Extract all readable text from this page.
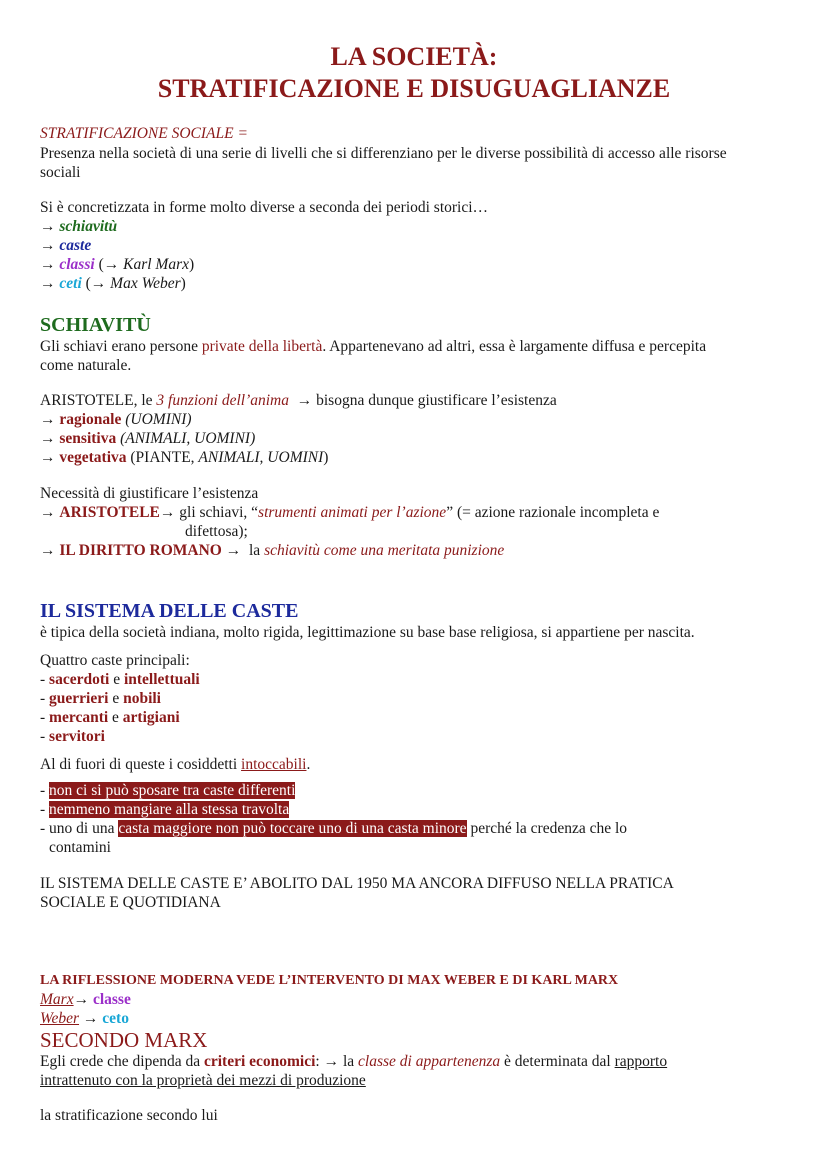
LA SOCIETÀ:
STRATIFICAZIONE E DISUGUAGLIANZE
STRATIFICAZIONE SOCIALE =
Presenza nella società di una serie di livelli che si differenziano per le diverse possibilità di accesso alle risorse
sociali
Si è concretizzata in forme molto diverse a seconda dei periodi storici…
→ schiavitù
→ caste
→ classi (→ Karl Marx)
→ ceti (→ Max Weber)
SCHIAVITÙ
Gli schiavi erano persone private della libertà. Appartenevano ad altri, essa è largamente diffusa e percepita
come naturale.
ARISTOTELE, le 3 funzioni dell’anima  → bisogna dunque giustificare l’esistenza
→ ragionale (UOMINI)
→ sensitiva (ANIMALI, UOMINI)
→ vegetativa (PIANTE, ANIMALI, UOMINI)
Necessità di giustificare l’esistenza
→ ARISTOTELE→ gli schiavi, “strumenti animati per l’azione” (= azione razionale incompleta e
difettosa);
→ IL DIRITTO ROMANO →  la schiavitù come una meritata punizione
IL SISTEMA DELLE CASTE
è tipica della società indiana, molto rigida, legittimazione su base base religiosa, si appartiene per nascita.
Quattro caste principali:
- sacerdoti e intellettuali
- guerrieri e nobili
- mercanti e artigiani
- servitori
Al di fuori di queste i cosiddetti intoccabili.
- non ci si può sposare tra caste differenti
- nemmeno mangiare alla stessa travolta
- uno di una casta maggiore non può toccare uno di una casta minore perché la credenza che lo
contamini
IL SISTEMA DELLE CASTE E’ ABOLITO DAL 1950 MA ANCORA DIFFUSO NELLA PRATICA
SOCIALE E QUOTIDIANA
LA RIFLESSIONE MODERNA VEDE L’INTERVENTO DI MAX WEBER E DI KARL MARX
Marx→ classe
Weber → ceto
SECONDO MARX
Egli crede che dipenda da criteri economici: → la classe di appartenenza è determinata dal rapporto
intrattenuto con la proprietà dei mezzi di produzione
la stratificazione secondo lui
